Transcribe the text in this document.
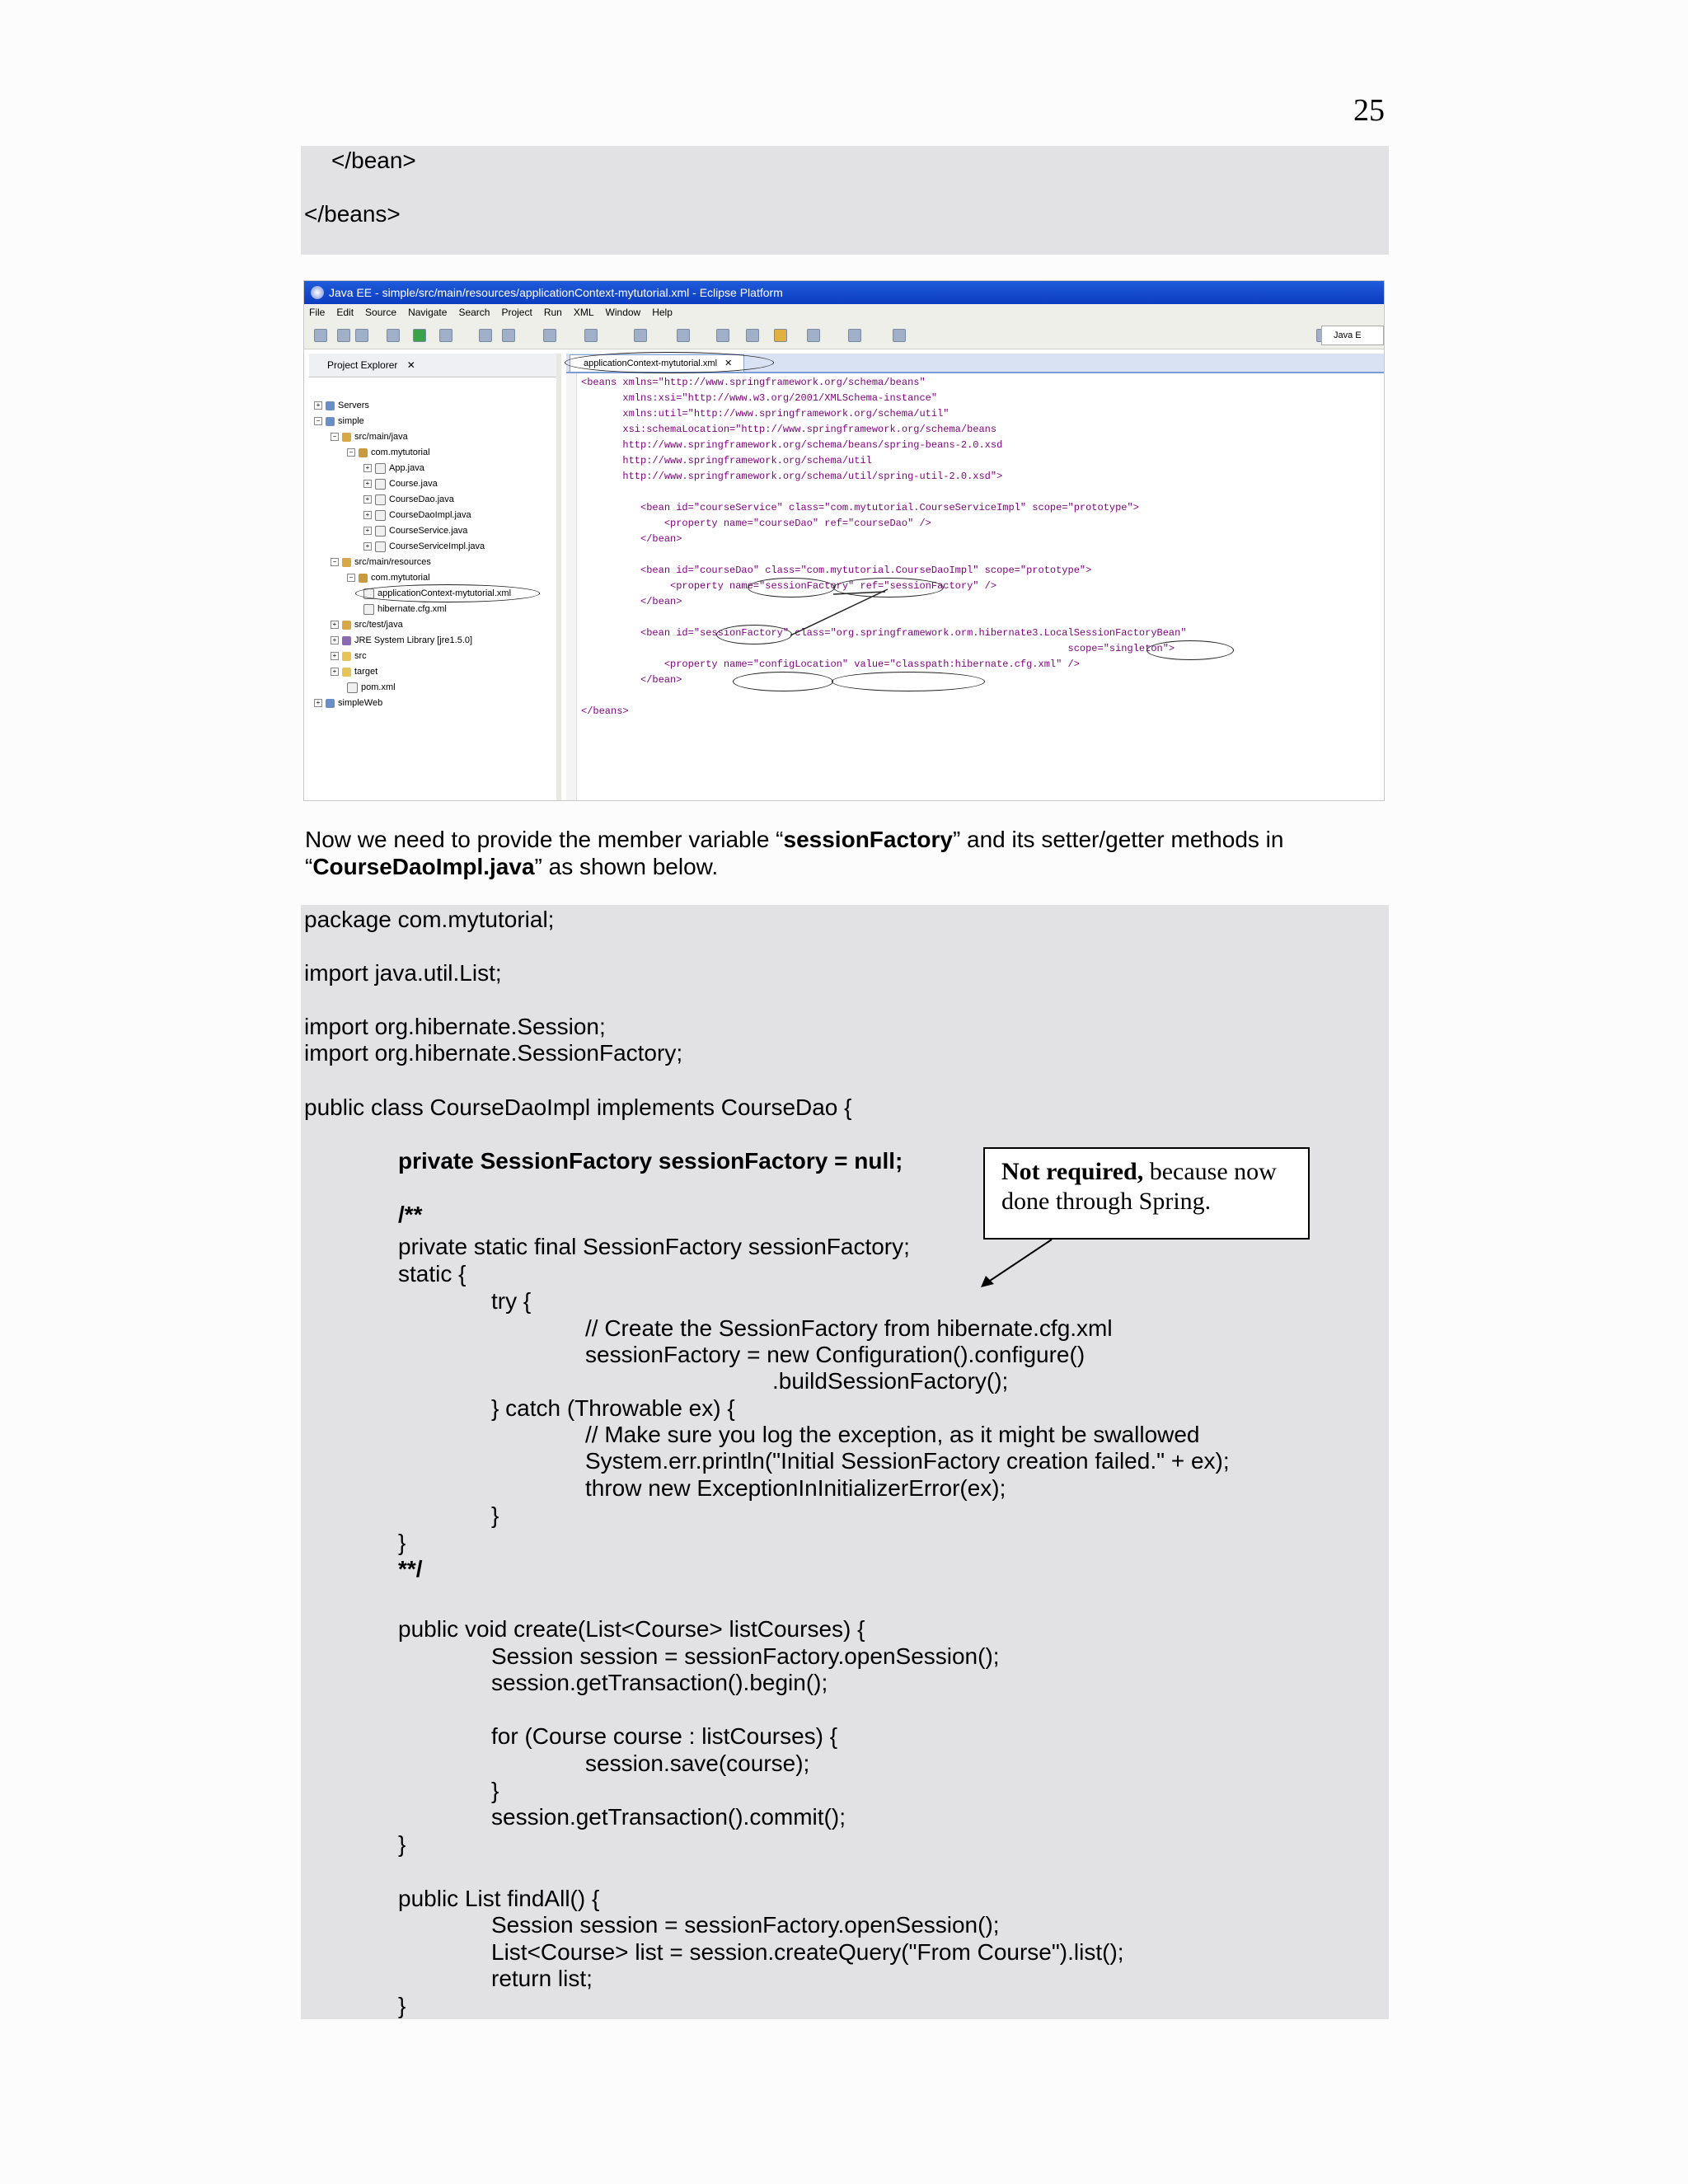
25
</bean>
</beans>
Java EE - simple/src/main/resources/applicationContext-mytutorial.xml - Eclipse Platform
File Edit Source Navigate Search Project Run XML Window Help
Java E
Project Explorer ✕
+ Servers
− simple
− src/main/java
− com.mytutorial
+ App.java
+ Course.java
+ CourseDao.java
+ CourseDaoImpl.java
+ CourseService.java
+ CourseServiceImpl.java
− src/main/resources
− com.mytutorial
applicationContext-mytutorial.xml
hibernate.cfg.xml
+ src/test/java
+ JRE System Library [jre1.5.0]
+ src
+ target
pom.xml
+ simpleWeb
applicationContext-mytutorial.xml ✕
<beans xmlns="http://www.springframework.org/schema/beans"
xmlns:xsi="http://www.w3.org/2001/XMLSchema-instance"
xmlns:util="http://www.springframework.org/schema/util"
xsi:schemaLocation="http://www.springframework.org/schema/beans
http://www.springframework.org/schema/beans/spring-beans-2.0.xsd
http://www.springframework.org/schema/util
http://www.springframework.org/schema/util/spring-util-2.0.xsd">
<bean id="courseService" class="com.mytutorial.CourseServiceImpl" scope="prototype">
<property name="courseDao" ref="courseDao" />
</bean>
<bean id="courseDao" class="com.mytutorial.CourseDaoImpl" scope="prototype">
<property name="sessionFactory" ref="sessionFactory" />
</bean>
<bean id="sessionFactory" class="org.springframework.orm.hibernate3.LocalSessionFactoryBean"
scope="singleton">
<property name="configLocation" value="classpath:hibernate.cfg.xml" />
</bean>
</beans>
Now we need to provide the member variable “sessionFactory” and its setter/getter methods in
“CourseDaoImpl.java” as shown below.
package com.mytutorial;
import java.util.List;
import org.hibernate.Session;
import org.hibernate.SessionFactory;
public class CourseDaoImpl implements CourseDao {
private SessionFactory sessionFactory = null;
/**
private static final SessionFactory sessionFactory;
static {
try {
// Create the SessionFactory from hibernate.cfg.xml
sessionFactory = new Configuration().configure()
.buildSessionFactory();
} catch (Throwable ex) {
// Make sure you log the exception, as it might be swallowed
System.err.println("Initial SessionFactory creation failed." + ex);
throw new ExceptionInInitializerError(ex);
}
}
**/
public void create(List<Course> listCourses) {
Session session = sessionFactory.openSession();
session.getTransaction().begin();
for (Course course : listCourses) {
session.save(course);
}
session.getTransaction().commit();
}
public List findAll() {
Session session = sessionFactory.openSession();
List<Course> list = session.createQuery("From Course").list();
return list;
}
Not required, because now done through Spring.
